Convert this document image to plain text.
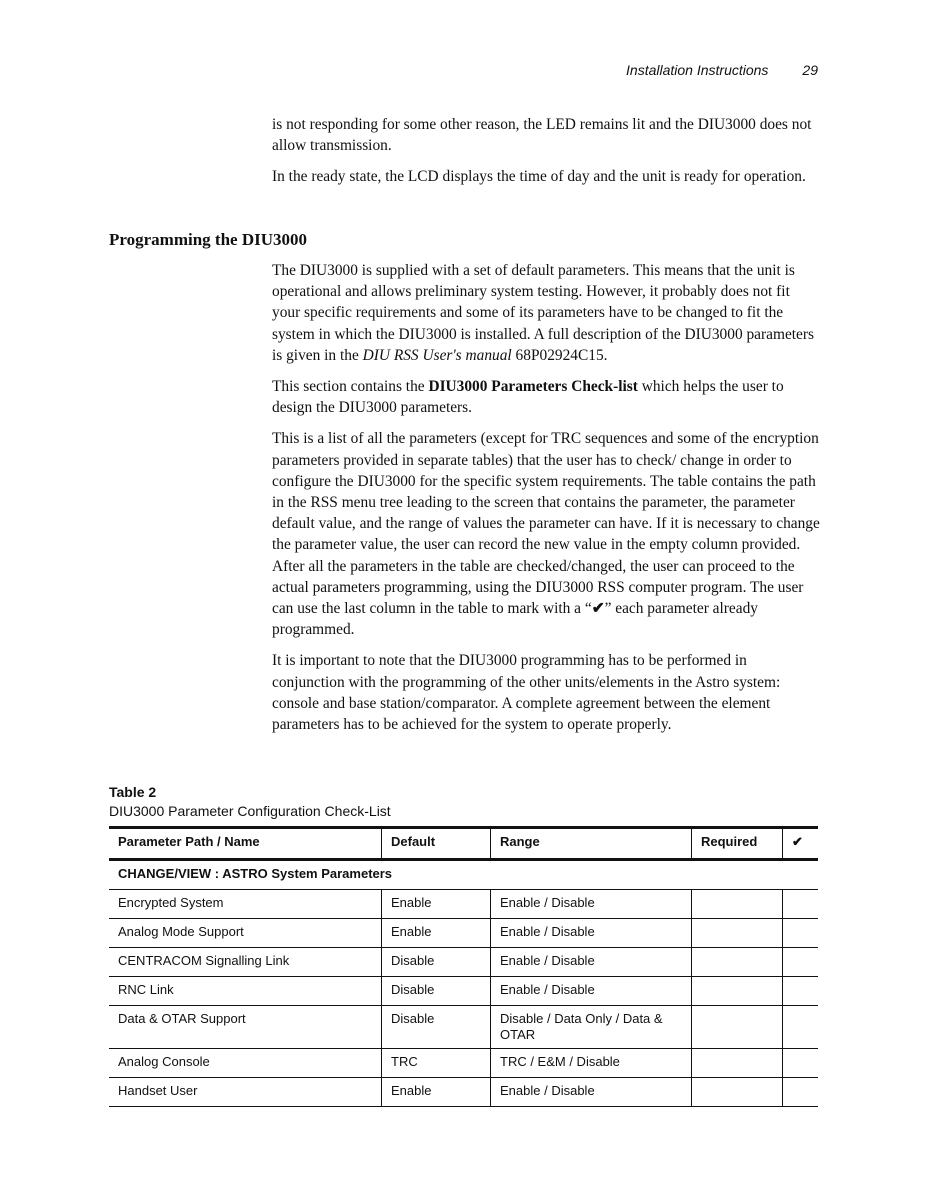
Installation Instructions 29

is not responding for some other reason, the LED remains lit and the DIU3000 does not allow transmission.

In the ready state, the LCD displays the time of day and the unit is ready for operation.

Programming the DIU3000

The DIU3000 is supplied with a set of default parameters. This means that the unit is operational and allows preliminary system testing. However, it probably does not fit your specific requirements and some of its parameters have to be changed to fit the system in which the DIU3000 is installed. A full description of the DIU3000 parameters is given in the DIU RSS User's manual 68P02924C15.

This section contains the DIU3000 Parameters Check-list which helps the user to design the DIU3000 parameters.

This is a list of all the parameters (except for TRC sequences and some of the encryption parameters provided in separate tables) that the user has to check/ change in order to configure the DIU3000 for the specific system requirements. The table contains the path in the RSS menu tree leading to the screen that contains the parameter, the parameter default value, and the range of values the parameter can have. If it is necessary to change the parameter value, the user can record the new value in the empty column provided. After all the parameters in the table are checked/changed, the user can proceed to the actual parameters programming, using the DIU3000 RSS computer program. The user can use the last column in the table to mark with a “✔” each parameter already programmed.

It is important to note that the DIU3000 programming has to be performed in conjunction with the programming of the other units/elements in the Astro system: console and base station/comparator. A complete agreement between the element parameters has to be achieved for the system to operate properly.

Table 2
DIU3000 Parameter Configuration Check-List
Parameter Path / Name	Default	Range	Required	✔
CHANGE/VIEW : ASTRO System Parameters				
Encrypted System	Enable	Enable / Disable		
Analog Mode Support	Enable	Enable / Disable		
CENTRACOM Signalling Link	Disable	Enable / Disable		
RNC Link	Disable	Enable / Disable		
Data & OTAR Support	Disable	Disable / Data Only / Data & OTAR		
Analog Console	TRC	TRC / E&M / Disable		
Handset User	Enable	Enable / Disable		
